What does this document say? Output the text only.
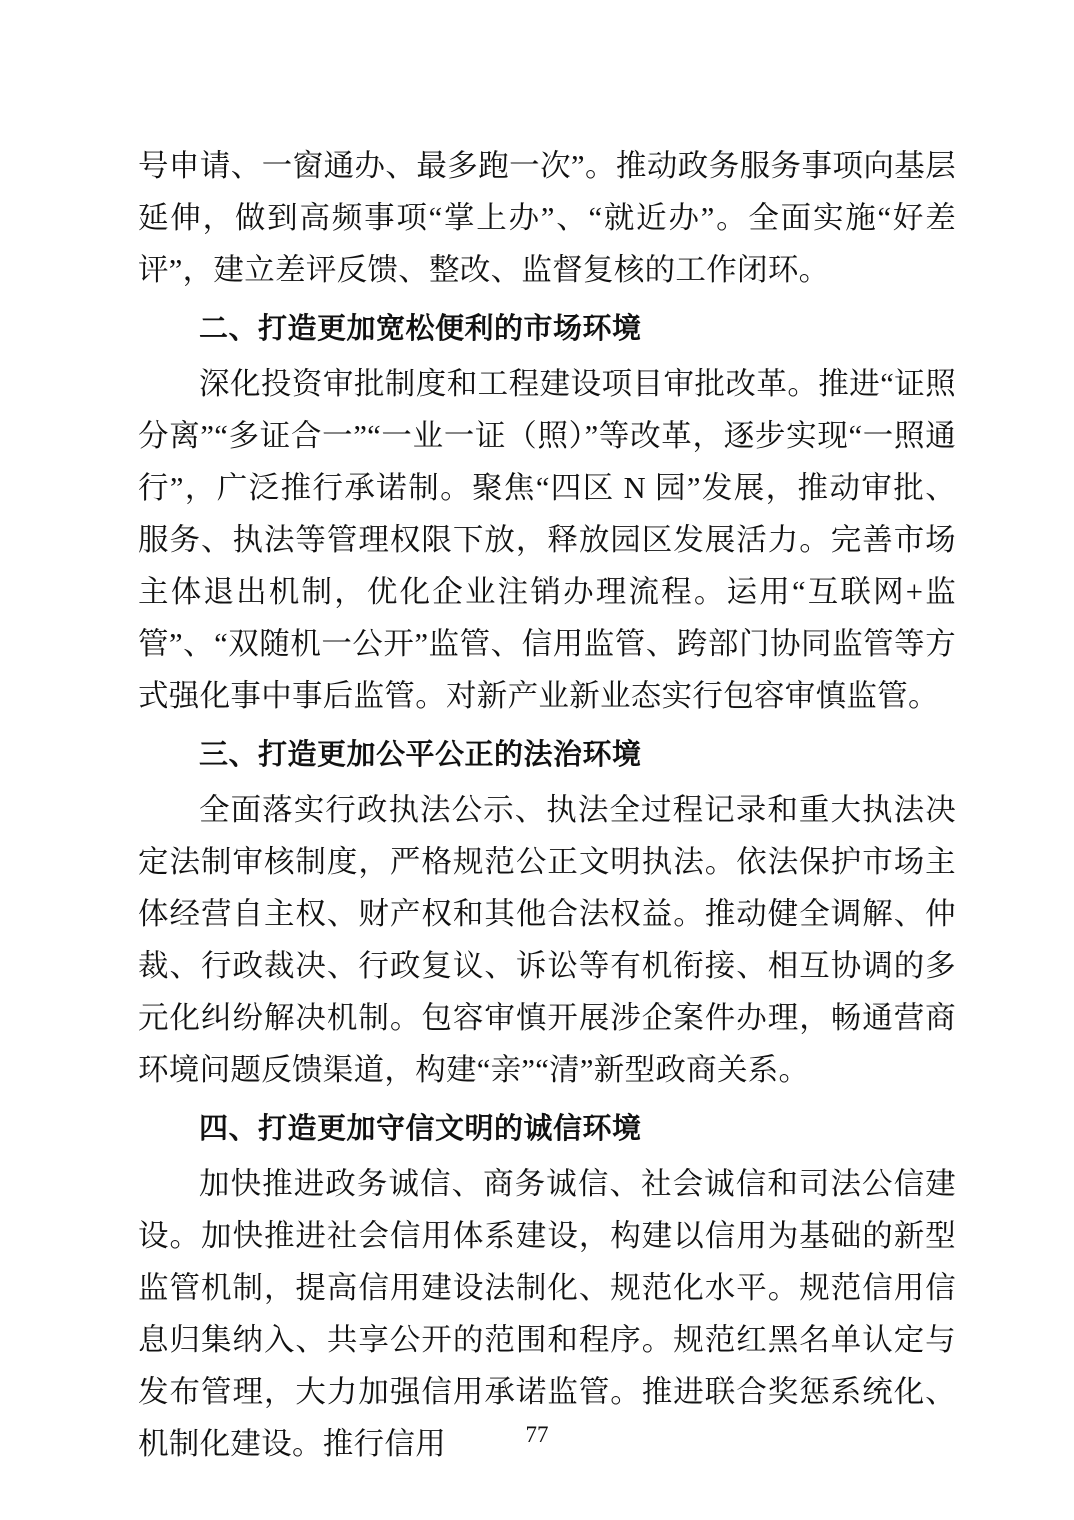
号申请、一窗通办、最多跑一次”。推动政务服务事项向基层延伸，做到高频事项“掌上办”、“就近办”。全面实施“好差评”，建立差评反馈、整改、监督复核的工作闭环。

二、打造更加宽松便利的市场环境

深化投资审批制度和工程建设项目审批改革。推进“证照分离”“多证合一”“一业一证（照）”等改革，逐步实现“一照通行”，广泛推行承诺制。聚焦“四区 N 园”发展，推动审批、服务、执法等管理权限下放，释放园区发展活力。完善市场主体退出机制，优化企业注销办理流程。运用“互联网+监管”、“双随机一公开”监管、信用监管、跨部门协同监管等方式强化事中事后监管。对新产业新业态实行包容审慎监管。

三、打造更加公平公正的法治环境

全面落实行政执法公示、执法全过程记录和重大执法决定法制审核制度，严格规范公正文明执法。依法保护市场主体经营自主权、财产权和其他合法权益。推动健全调解、仲裁、行政裁决、行政复议、诉讼等有机衔接、相互协调的多元化纠纷解决机制。包容审慎开展涉企案件办理，畅通营商环境问题反馈渠道，构建“亲”“清”新型政商关系。

四、打造更加守信文明的诚信环境

加快推进政务诚信、商务诚信、社会诚信和司法公信建设。加快推进社会信用体系建设，构建以信用为基础的新型监管机制，提高信用建设法制化、规范化水平。规范信用信息归集纳入、共享公开的范围和程序。规范红黑名单认定与发布管理，大力加强信用承诺监管。推进联合奖惩系统化、机制化建设。推行信用	77
